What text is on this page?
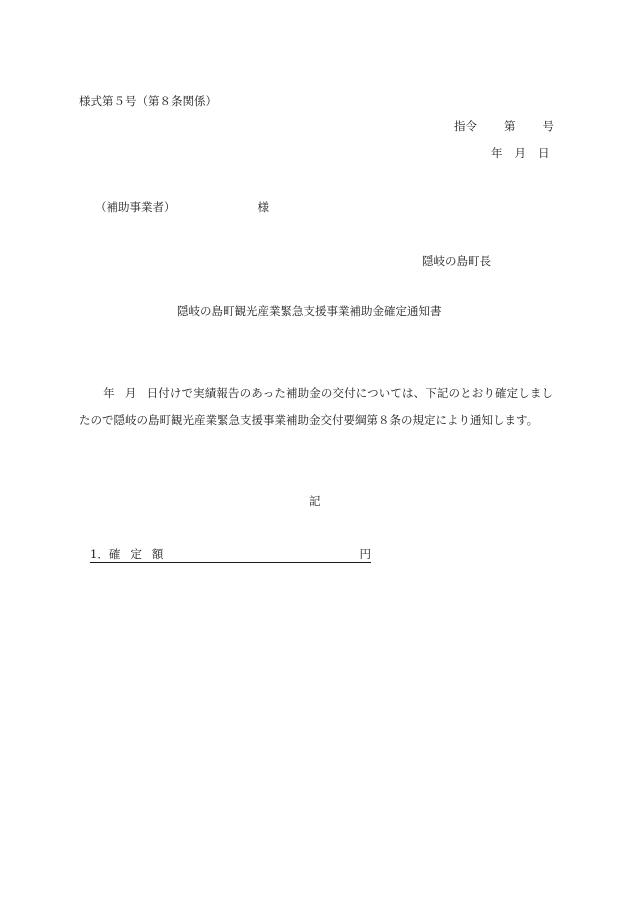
様式第５号（第８条関係）
指令 第 号
年 月 日
（補助事業者）	様
隠岐の島町長
隠岐の島町観光産業緊急支援事業補助金確定通知書
年 月 日付けで実績報告のあった補助金の交付については、下記のとおり確定しましたので隠岐の島町観光産業緊急支援事業補助金交付要綱第８条の規定により通知します。
記
1．確 定 額	円
